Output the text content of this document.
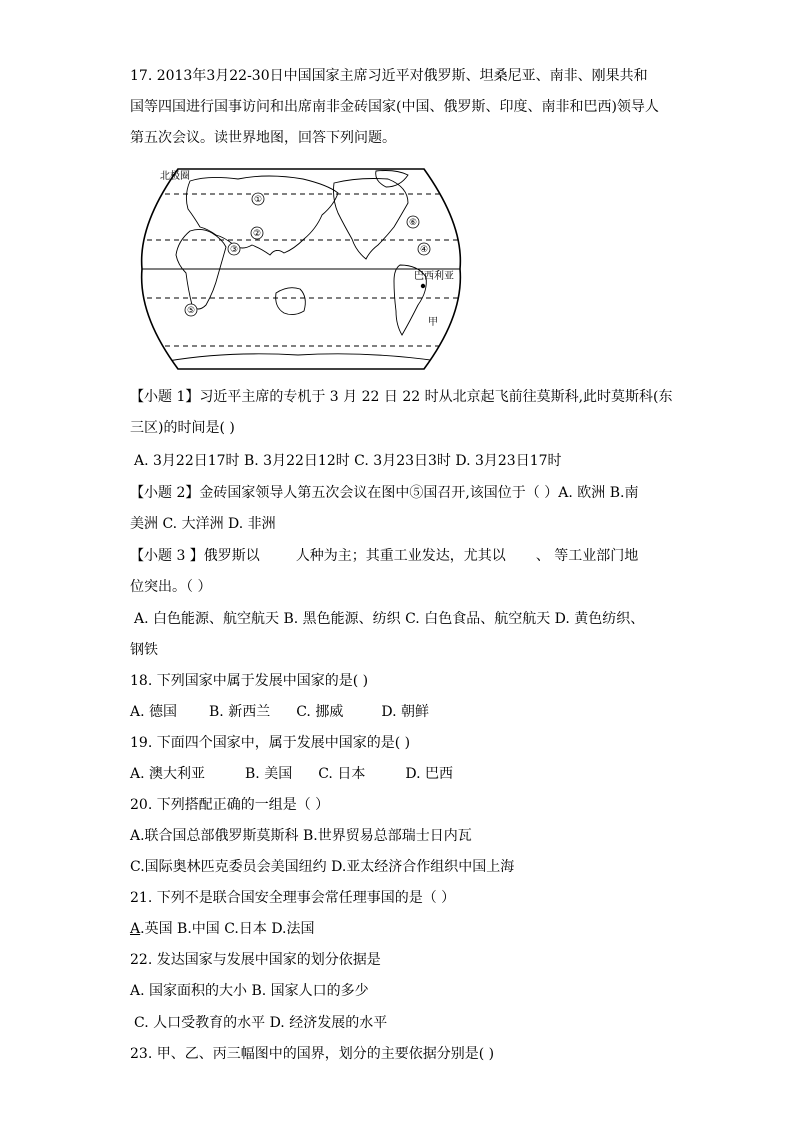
17. 2013年3月22-30日中国国家主席习近平对俄罗斯、坦桑尼亚、南非、刚果共和
国等四国进行国事访问和出席南非金砖国家(中国、俄罗斯、印度、南非和巴西)领导人
第五次会议。读世界地图，回答下列问题。
北极圈
①
②
③	④
⑤
⑥
巴西利亚
甲
【小题 1】习近平主席的专机于 3 月 22 日 22 时从北京起飞前往莫斯科,此时莫斯科(东
三区)的时间是( )
A. 3月22日17时 B. 3月22日12时 C. 3月23日3时 D. 3月23日17时
【小题 2】金砖国家领导人第五次会议在图中⑤国召开,该国位于（ ）A. 欧洲 B.南
美洲 C. 大洋洲 D. 非洲
【小题 3 】俄罗斯以	人种为主；其重工业发达，尤其以 、 等工业部门地
位突出。（ ）
A. 白色能源、航空航天 B. 黑色能源、纺织 C. 白色食品、航空航天 D. 黄色纺织、
钢铁
18. 下列国家中属于发展中国家的是( )
A. 德国 B. 新西兰 C. 挪威	D. 朝鲜
19. 下面四个国家中，属于发展中国家的是( )
A. 澳大利亚	B. 美国 C. 日本	D. 巴西
20. 下列搭配正确的一组是（ ）
A.联合国总部俄罗斯莫斯科 B.世界贸易总部瑞士日内瓦
C.国际奥林匹克委员会美国纽约 D.亚太经济合作组织中国上海
21. 下列不是联合国安全理事会常任理事国的是（ ）
A.英国 B.中国 C.日本 D.法国
22. 发达国家与发展中国家的划分依据是
A. 国家面积的大小 B. 国家人口的多少
C. 人口受教育的水平 D. 经济发展的水平
23. 甲、乙、丙三幅图中的国界，划分的主要依据分别是( )
